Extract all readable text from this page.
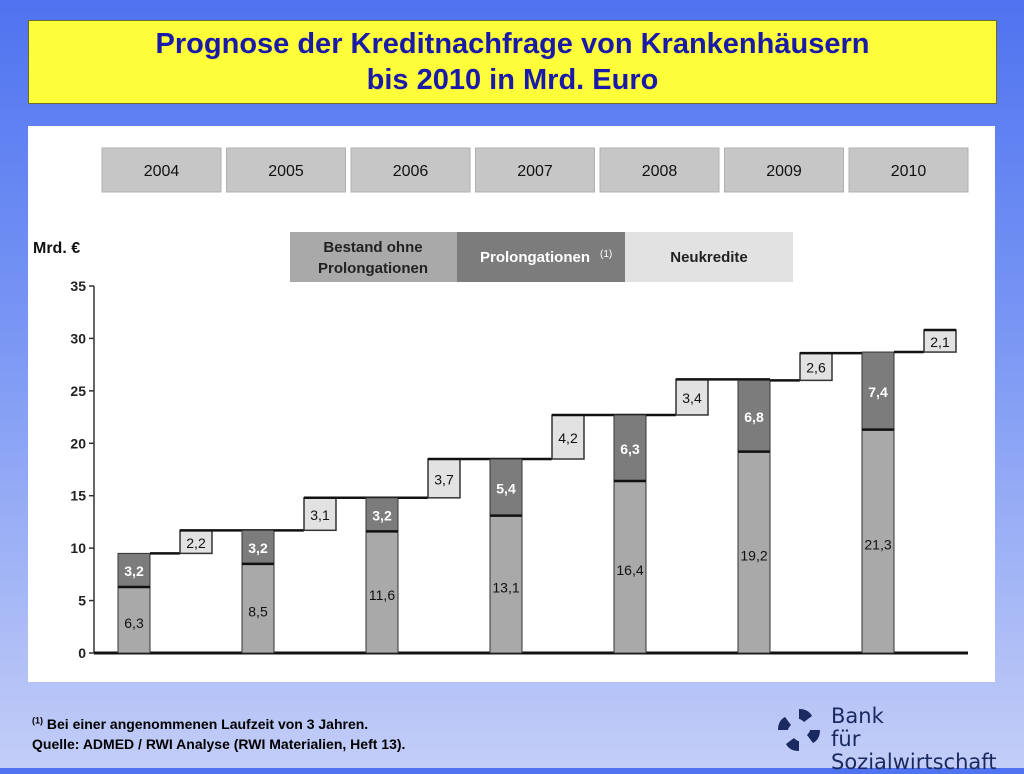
Prognose der Kreditnachfrage von Krankenhäusern
bis 2010 in Mrd. Euro
2004	2005	2006	2007	2008	2009	2010
Bestand ohne
Prolongationen
Prolongationen (1)	Neukredite
Mrd. €
0
5
10
15
20
25
30
35
6,3
3,2
2,2
8,5
3,2
3,1
11,6
3,2
3,7
13,1
5,4
4,2
16,4
6,3
3,4
19,2
6,8
2,6
21,3
7,4
2,1
$^{(1)}$ Bei einer angenommenen Laufzeit von 3 Jahren.
Quelle: ADMED / RWI Analyse (RWI Materialien, Heft 13).
Bank
für Sozialwirtschaft
